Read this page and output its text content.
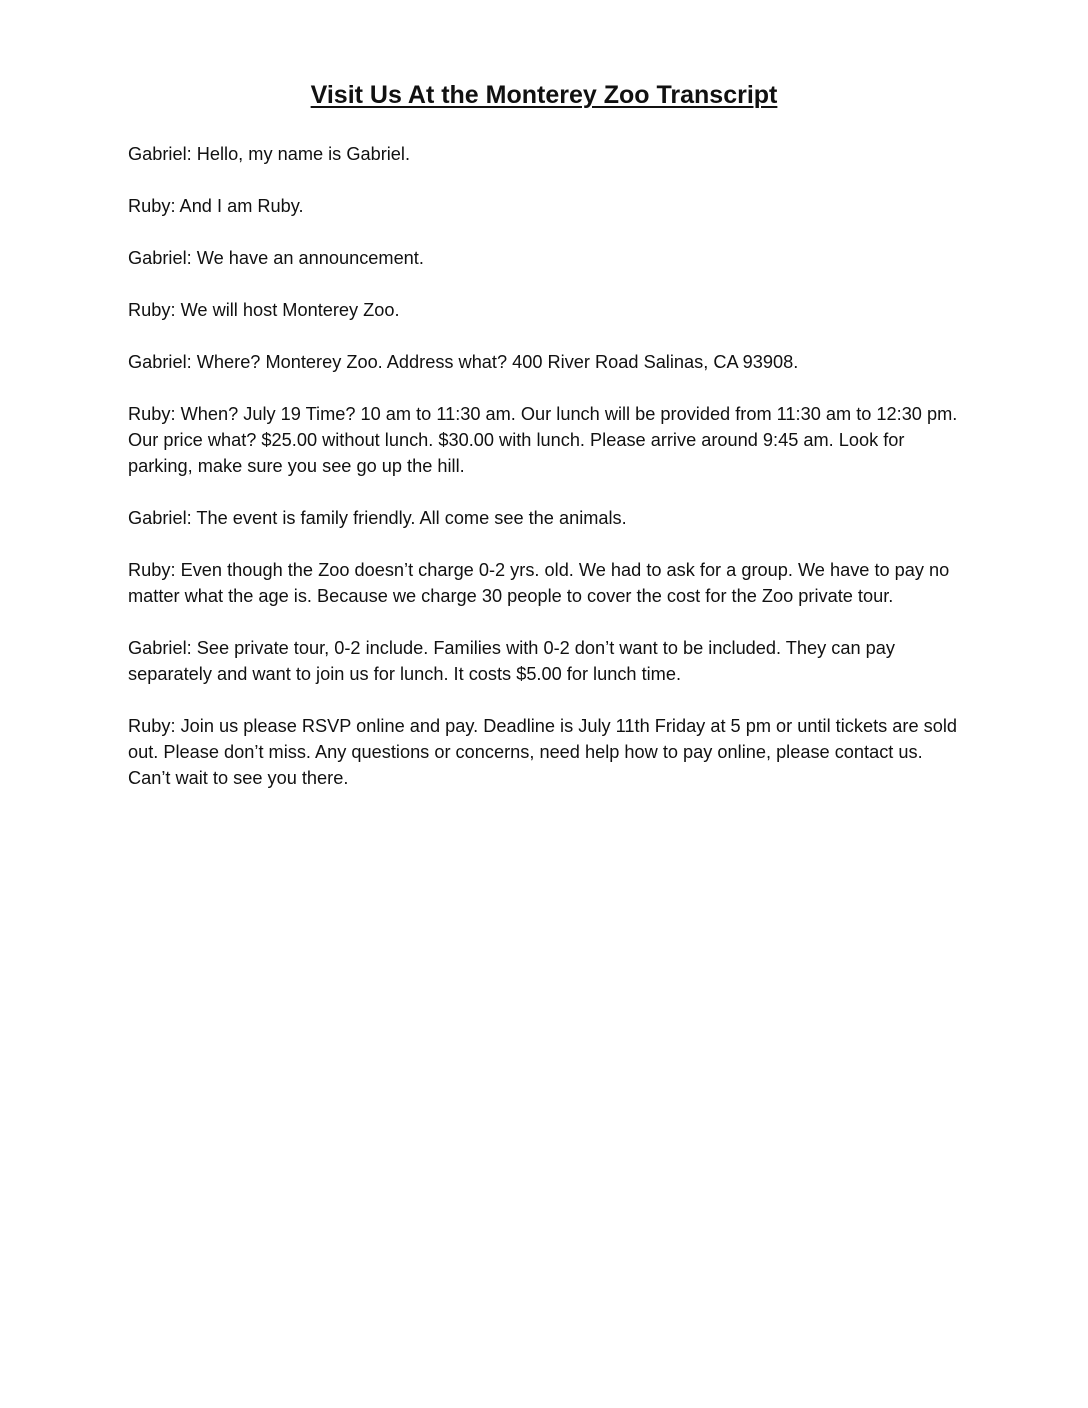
Visit Us At the Monterey Zoo Transcript

Gabriel: Hello, my name is Gabriel.

Ruby: And I am Ruby.

Gabriel: We have an announcement.

Ruby: We will host Monterey Zoo.

Gabriel: Where? Monterey Zoo. Address what? 400 River Road Salinas, CA 93908.

Ruby: When? July 19 Time? 10 am to 11:30 am. Our lunch will be provided from 11:30 am to 12:30 pm. Our price what? $25.00 without lunch. $30.00 with lunch. Please arrive around 9:45 am. Look for parking, make sure you see go up the hill.

Gabriel: The event is family friendly. All come see the animals.

Ruby: Even though the Zoo doesn’t charge 0-2 yrs. old. We had to ask for a group. We have to pay no matter what the age is. Because we charge 30 people to cover the cost for the Zoo private tour.

Gabriel: See private tour, 0-2 include. Families with 0-2 don’t want to be included. They can pay separately and want to join us for lunch. It costs $5.00 for lunch time.

Ruby: Join us please RSVP online and pay. Deadline is July 11th Friday at 5 pm or until tickets are sold out. Please don’t miss. Any questions or concerns, need help how to pay online, please contact us. Can’t wait to see you there.
